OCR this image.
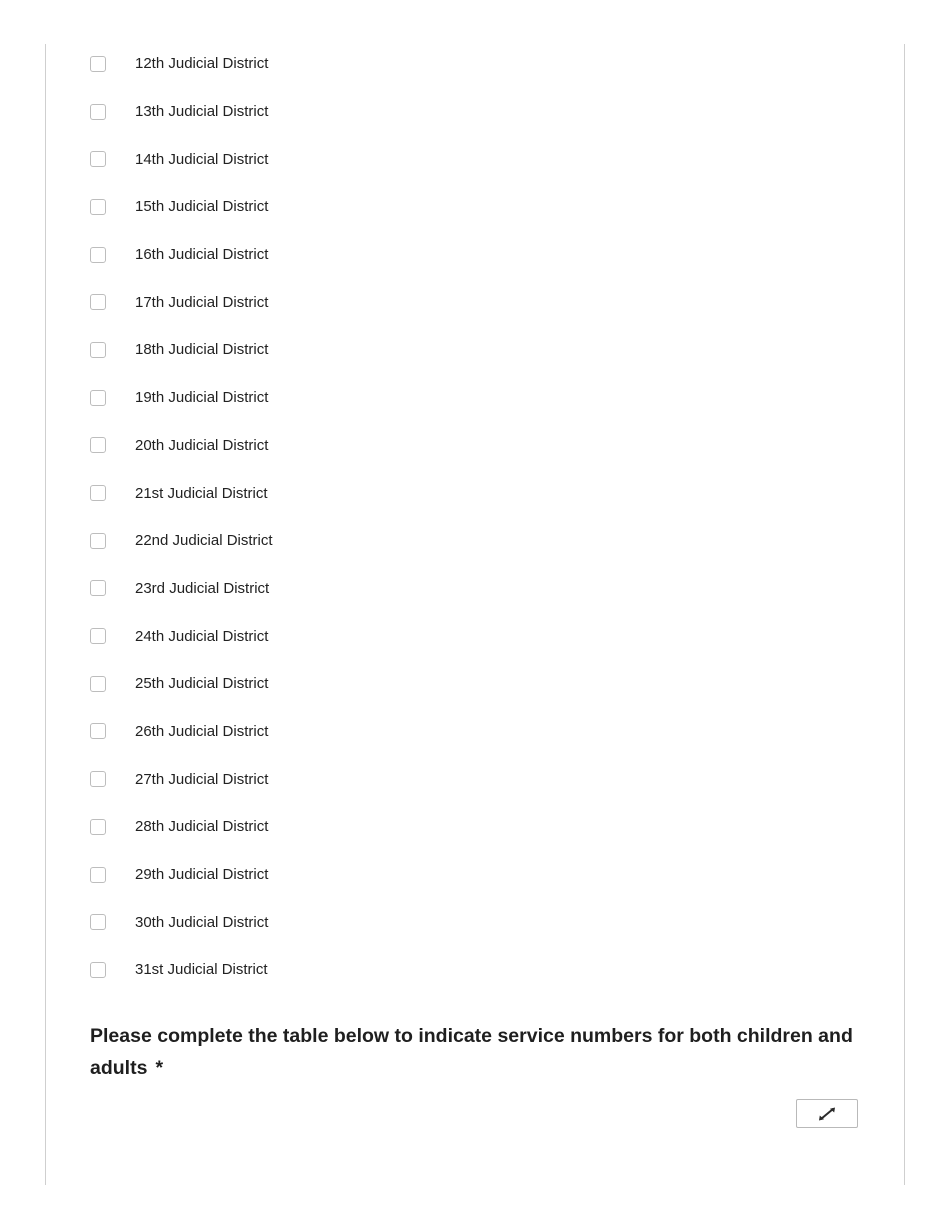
12th Judicial District
13th Judicial District
14th Judicial District
15th Judicial District
16th Judicial District
17th Judicial District
18th Judicial District
19th Judicial District
20th Judicial District
21st Judicial District
22nd Judicial District
23rd Judicial District
24th Judicial District
25th Judicial District
26th Judicial District
27th Judicial District
28th Judicial District
29th Judicial District
30th Judicial District
31st Judicial District

Please complete the table below to indicate service numbers for both children and adults *
